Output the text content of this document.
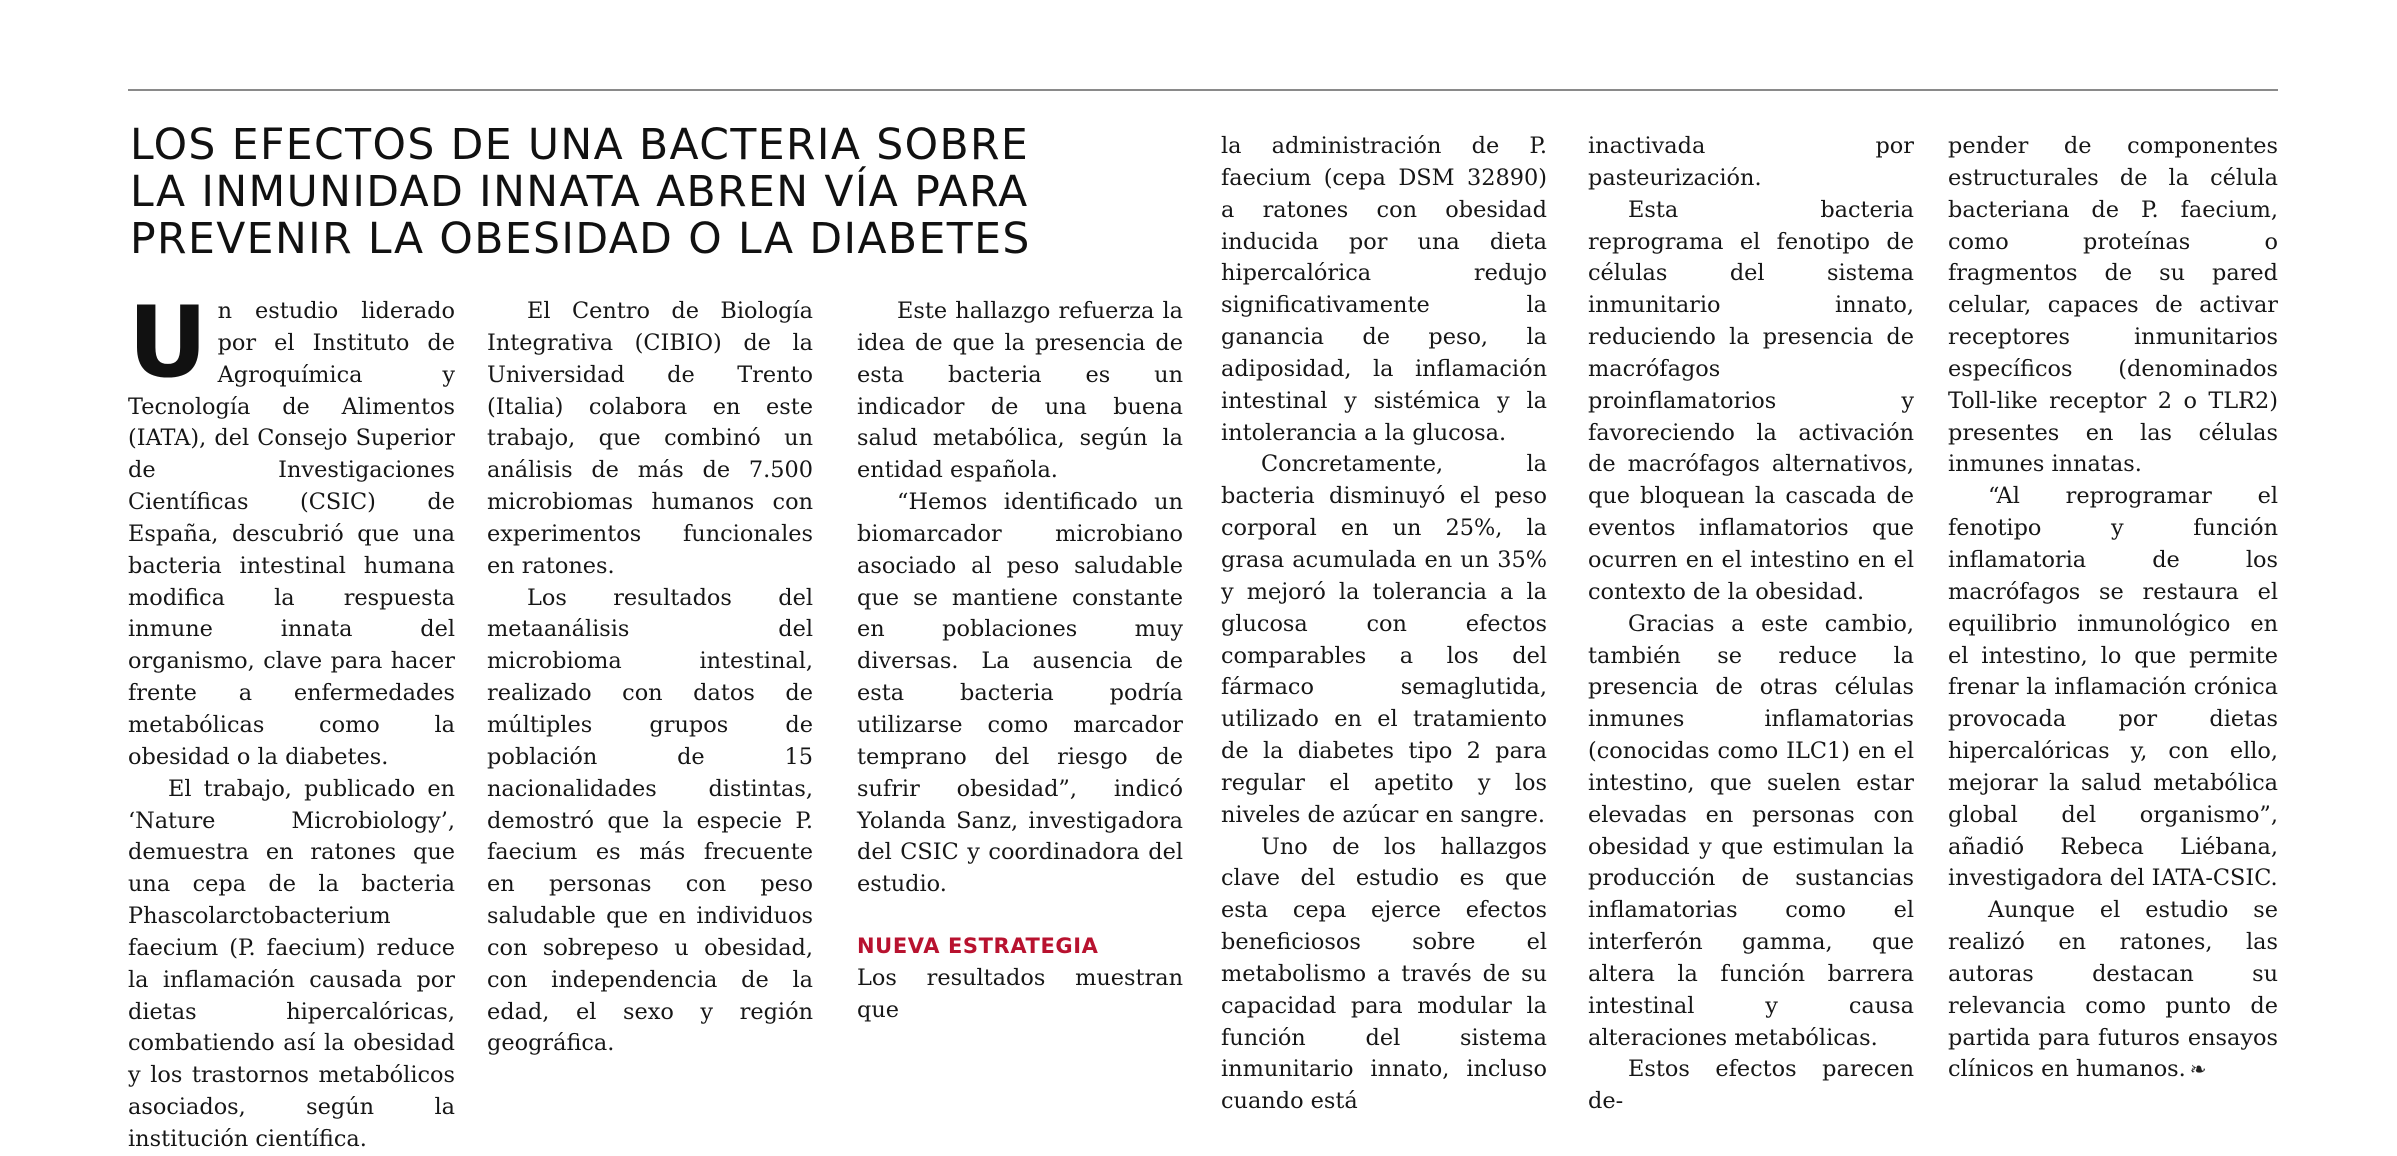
LOS EFECTOS DE UNA BACTERIA SOBRE
LA INMUNIDAD INNATA ABREN VÍA PARA
PREVENIR LA OBESIDAD O LA DIABETES

Un estudio liderado por el Instituto de Agroquímica y Tecnología de Alimentos (IATA), del Consejo Superior de Investigaciones Científicas (CSIC) de España, descubrió que una bacteria intestinal humana modifica la respuesta inmune innata del organismo, clave para hacer frente a enfermedades metabólicas como la obesidad o la diabetes.

El trabajo, publicado en ‘Nature Microbiology’, demuestra en ratones que una cepa de la bacteria Phascolarctobacterium faecium (P. faecium) reduce la inflamación causada por dietas hipercalóricas, combatiendo así la obesidad y los trastornos metabólicos asociados, según la institución científica.

El Centro de Biología Integrativa (CIBIO) de la Universidad de Trento (Italia) colabora en este trabajo, que combinó un análisis de más de 7.500 microbiomas humanos con experimentos funcionales en ratones.

Los resultados del metaanálisis del microbioma intestinal, realizado con datos de múltiples grupos de población de 15 nacionalidades distintas, demostró que la especie P. faecium es más frecuente en personas con peso saludable que en individuos con sobrepeso u obesidad, con independencia de la edad, el sexo y región geográfica.

Este hallazgo refuerza la idea de que la presencia de esta bacteria es un indicador de una buena salud metabólica, según la entidad española.

“Hemos identificado un biomarcador microbiano asociado al peso saludable que se mantiene constante en poblaciones muy diversas. La ausencia de esta bacteria podría utilizarse como marcador temprano del riesgo de sufrir obesidad”, indicó Yolanda Sanz, investigadora del CSIC y coordinadora del estudio.

NUEVA ESTRATEGIA

Los resultados muestran que

la administración de P. faecium (cepa DSM 32890) a ratones con obesidad inducida por una dieta hipercalórica redujo significativamente la ganancia de peso, la adiposidad, la inflamación intestinal y sistémica y la intolerancia a la glucosa.

Concretamente, la bacteria disminuyó el peso corporal en un 25%, la grasa acumulada en un 35% y mejoró la tolerancia a la glucosa con efectos comparables a los del fármaco semaglutida, utilizado en el tratamiento de la diabetes tipo 2 para regular el apetito y los niveles de azúcar en sangre.

Uno de los hallazgos clave del estudio es que esta cepa ejerce efectos beneficiosos sobre el metabolismo a través de su capacidad para modular la función del sistema inmunitario innato, incluso cuando está

inactivada por pasteurización.

Esta bacteria reprograma el fenotipo de células del sistema inmunitario innato, reduciendo la presencia de macrófagos proinflamatorios y favoreciendo la activación de macrófagos alternativos, que bloquean la cascada de eventos inflamatorios que ocurren en el intestino en el contexto de la obesidad.

Gracias a este cambio, también se reduce la presencia de otras células inmunes inflamatorias (conocidas como ILC1) en el intestino, que suelen estar elevadas en personas con obesidad y que estimulan la producción de sustancias inflamatorias como el interferón gamma, que altera la función barrera intestinal y causa alteraciones metabólicas.

Estos efectos parecen de-

pender de componentes estructurales de la célula bacteriana de P. faecium, como proteínas o fragmentos de su pared celular, capaces de activar receptores inmunitarios específicos (denominados Toll-like receptor 2 o TLR2) presentes en las células inmunes innatas.

“Al reprogramar el fenotipo y función inflamatoria de los macrófagos se restaura el equilibrio inmunológico en el intestino, lo que permite frenar la inflamación crónica provocada por dietas hipercalóricas y, con ello, mejorar la salud metabólica global del organismo”, añadió Rebeca Liébana, investigadora del IATA-CSIC.

Aunque el estudio se realizó en ratones, las autoras destacan su relevancia como punto de partida para futuros ensayos clínicos en humanos. ❧
